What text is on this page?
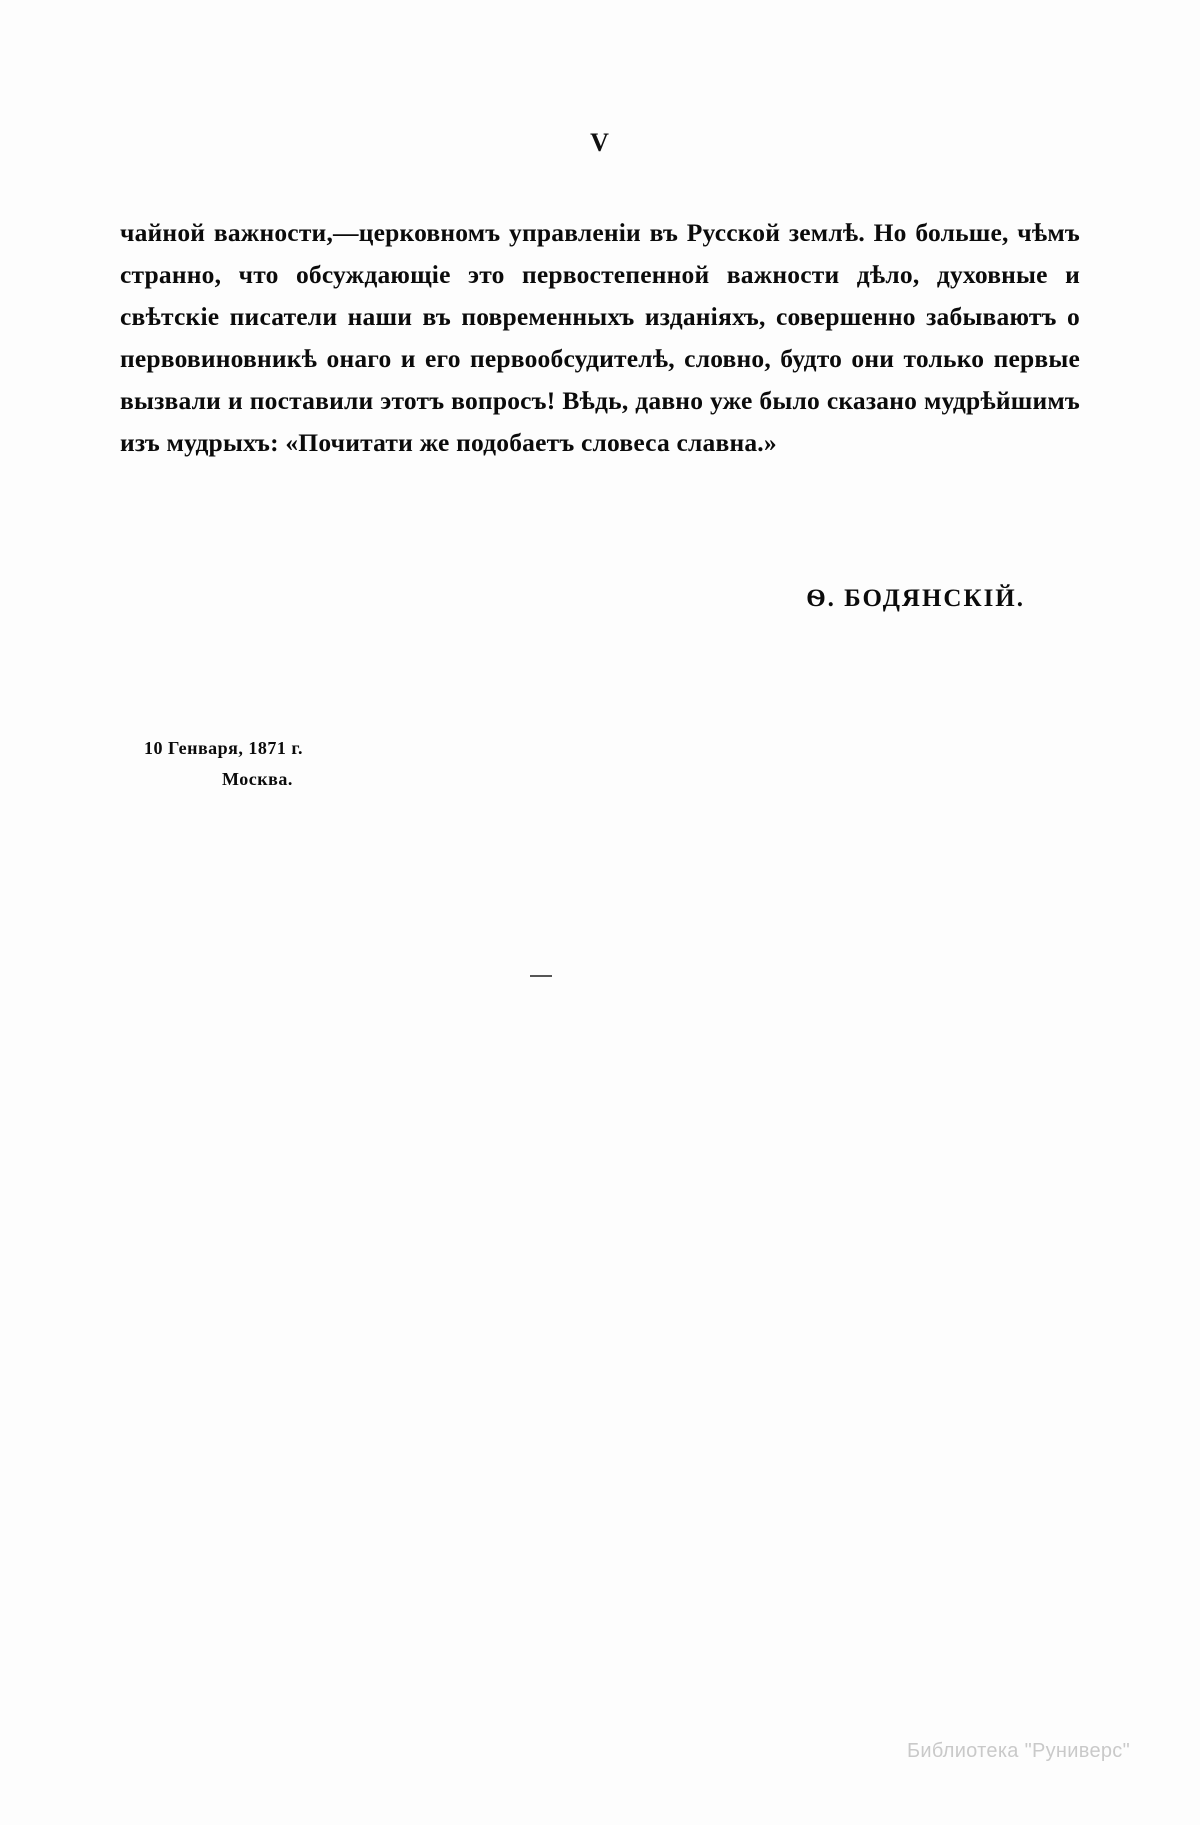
V

чайной важности,—церковномъ управленіи въ Русской землѣ. Но больше, чѣмъ странно, что обсуждающіе это первостепенной важности дѣло, духовные и свѣтскіе писатели наши въ повременныхъ изданіяхъ, совершенно забываютъ о первовиновникѣ онаго и его первообсудителѣ, словно, будто они только первые вызвали и поставили этотъ вопросъ! Вѣдь, давно уже было сказано мудрѣйшимъ изъ мудрыхъ: «Почитати же подобаетъ словеса славна.»

Ѳ. БОДЯНСКІЙ.
10 Генваря, 1871 г.
Москва.
Библиотека "Руниверс"
